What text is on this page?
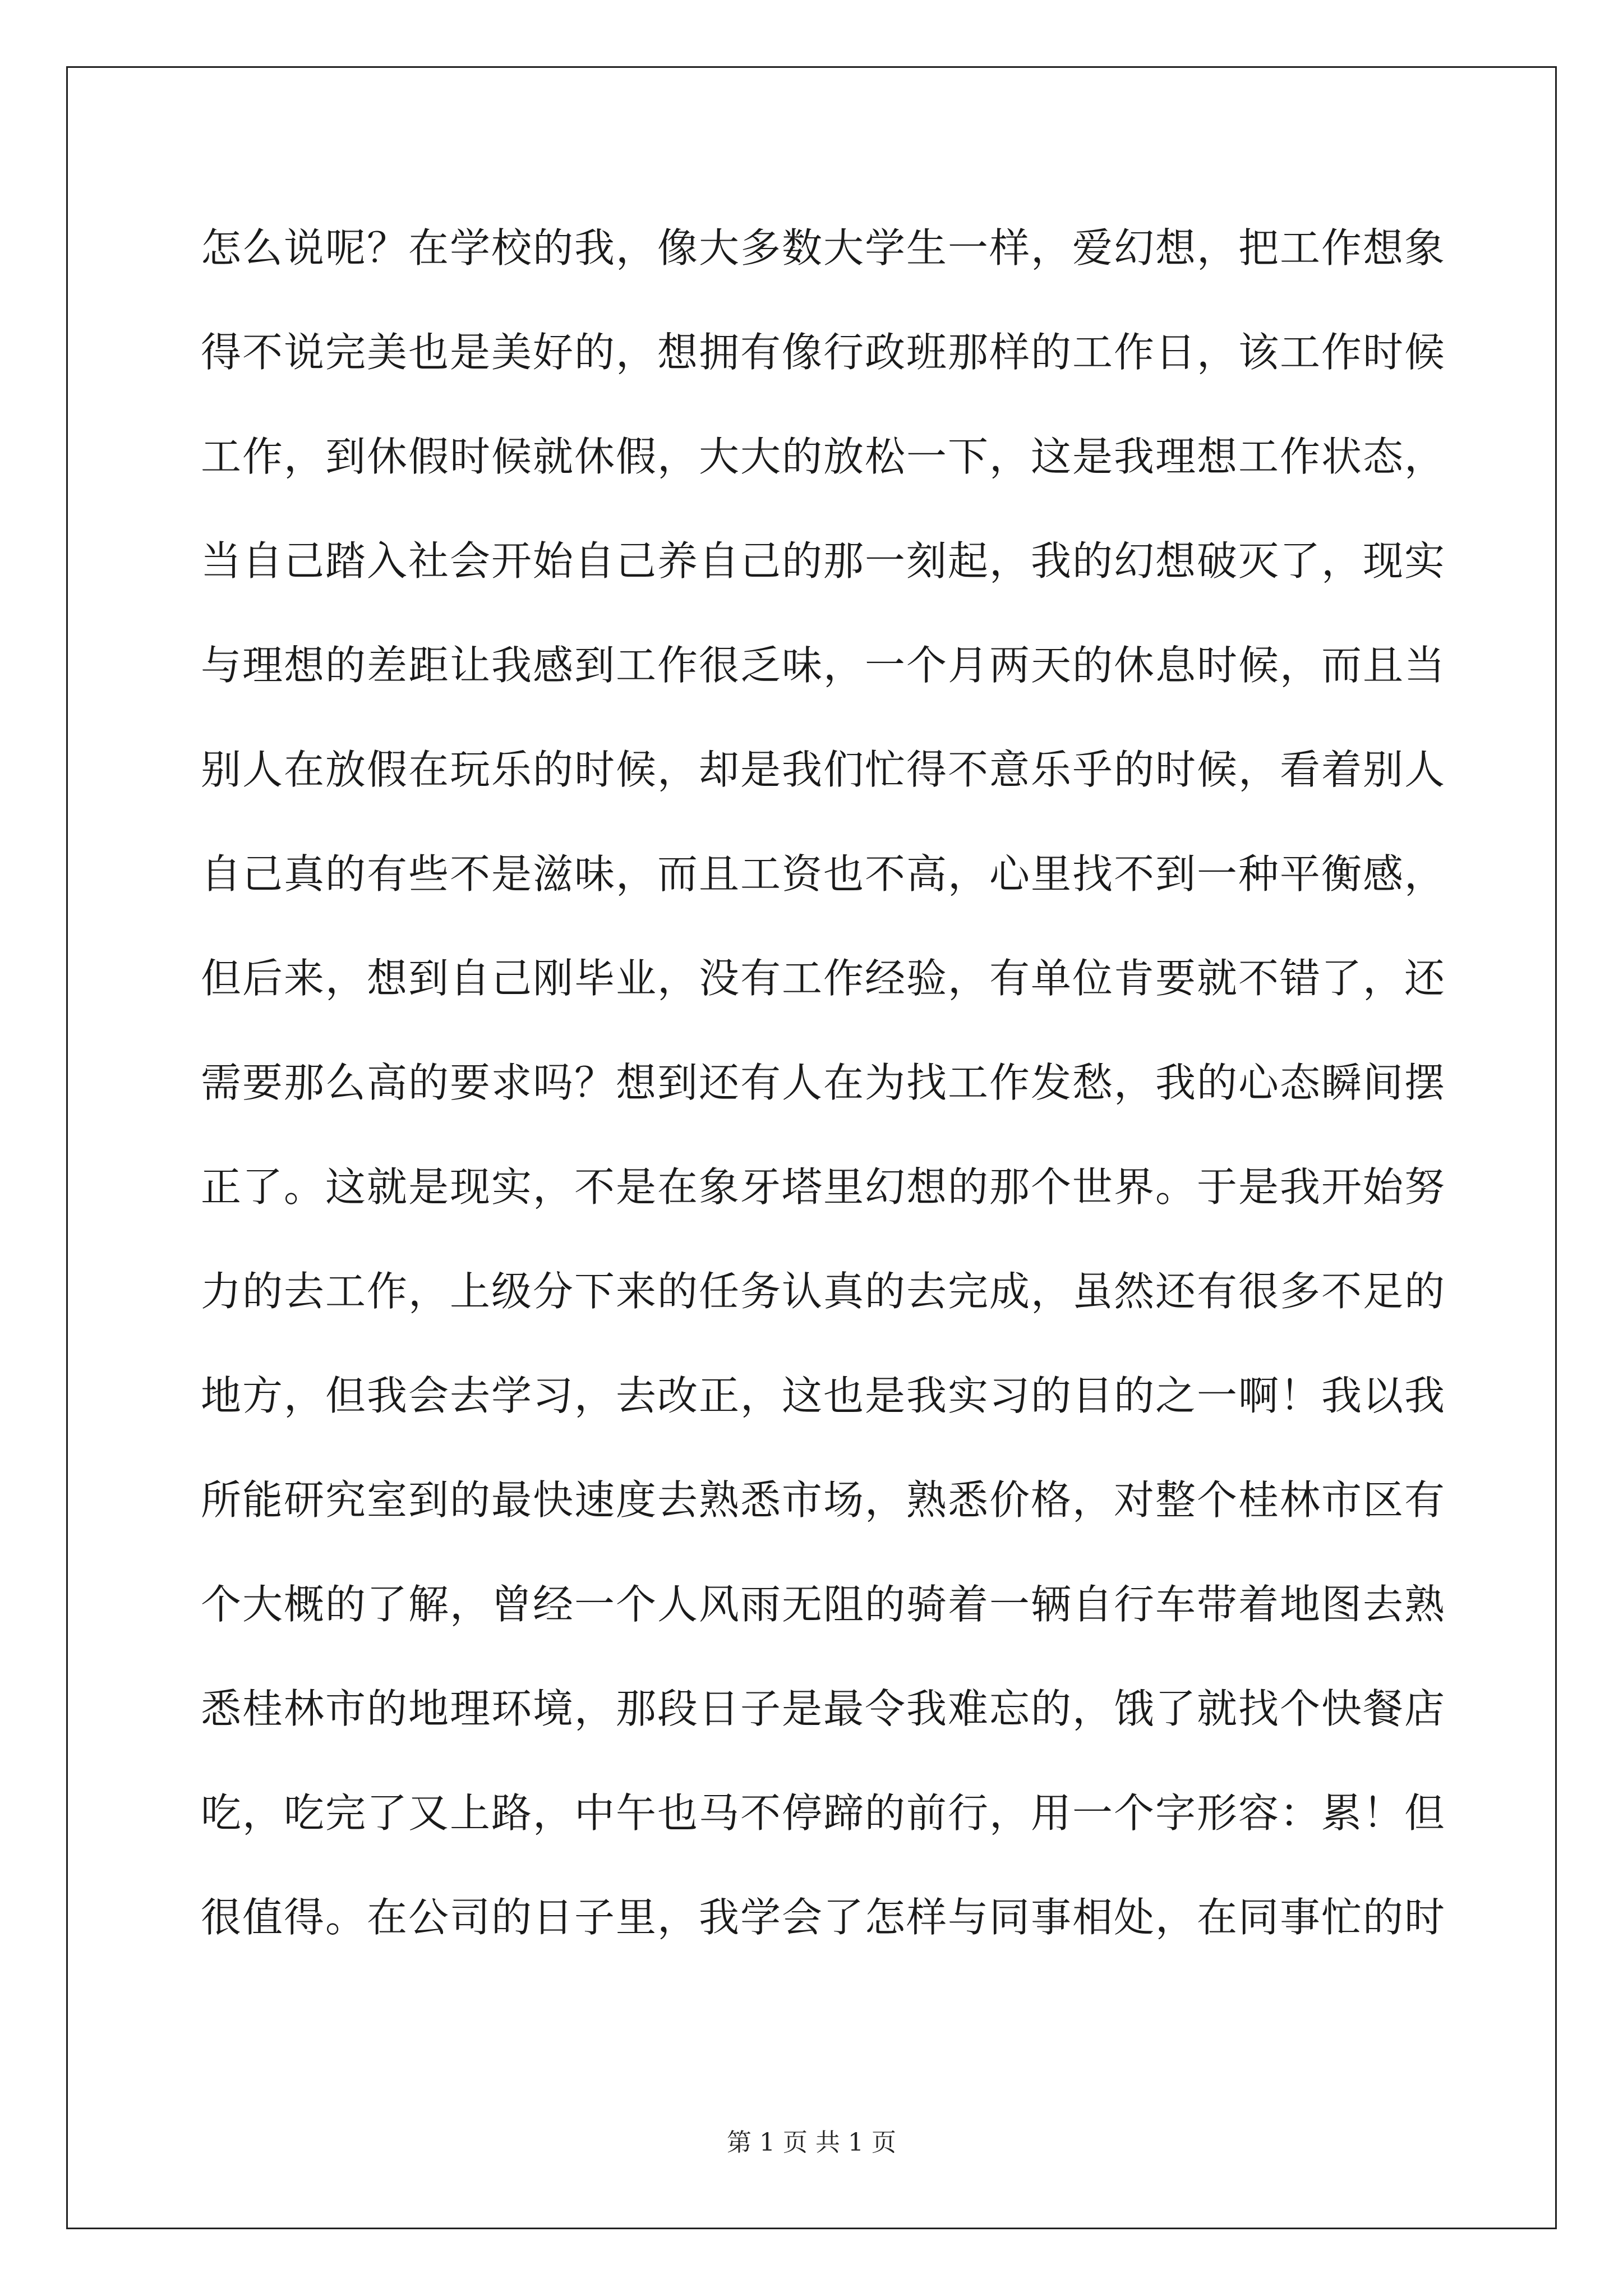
怎么说呢？在学校的我，像大多数大学生一样，爱幻想，把工作想象
得不说完美也是美好的，想拥有像行政班那样的工作日，该工作时候
工作，到休假时候就休假，大大的放松一下，这是我理想工作状态，
当自己踏入社会开始自己养自己的那一刻起，我的幻想破灭了，现实
与理想的差距让我感到工作很乏味，一个月两天的休息时候，而且当
别人在放假在玩乐的时候，却是我们忙得不意乐乎的时候，看着别人
自己真的有些不是滋味，而且工资也不高，心里找不到一种平衡感，
但后来，想到自己刚毕业，没有工作经验，有单位肯要就不错了，还
需要那么高的要求吗？想到还有人在为找工作发愁，我的心态瞬间摆
正了。这就是现实，不是在象牙塔里幻想的那个世界。于是我开始努
力的去工作，上级分下来的任务认真的去完成，虽然还有很多不足的
地方，但我会去学习，去改正，这也是我实习的目的之一啊！我以我
所能研究室到的最快速度去熟悉市场，熟悉价格，对整个桂林市区有
个大概的了解，曾经一个人风雨无阻的骑着一辆自行车带着地图去熟
悉桂林市的地理环境，那段日子是最令我难忘的，饿了就找个快餐店
吃，吃完了又上路，中午也马不停蹄的前行，用一个字形容：累！但
很值得。在公司的日子里，我学会了怎样与同事相处，在同事忙的时
第 1 页 共 1 页
